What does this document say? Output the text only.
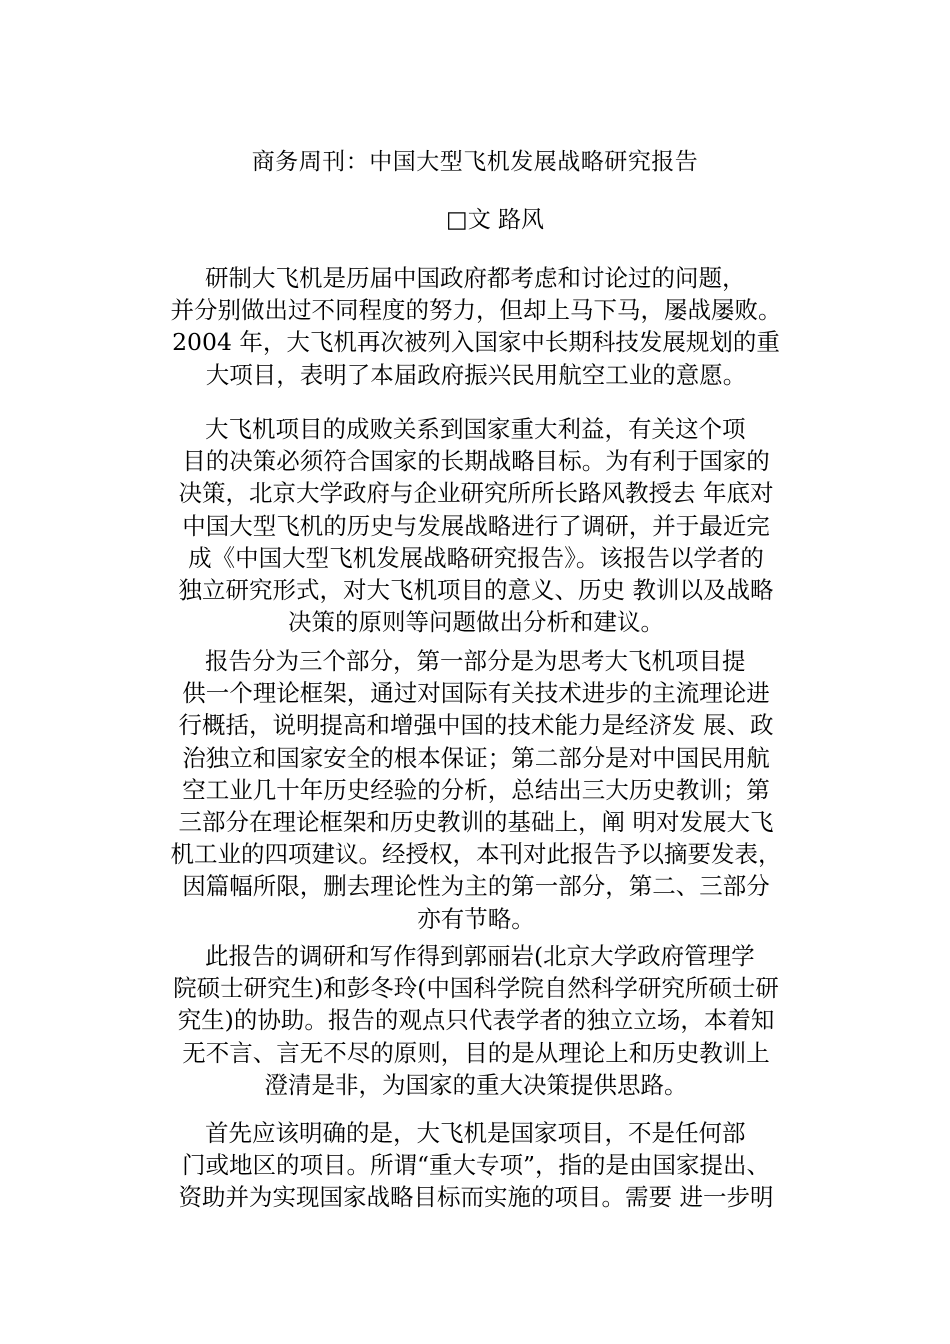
商务周刊：中国大型飞机发展战略研究报告
□文 路风
研制大飞机是历届中国政府都考虑和讨论过的问题，
并分别做出过不同程度的努力，但却上马下马，屡战屡败。
2004 年，大飞机再次被列入国家中长期科技发展规划的重
大项目，表明了本届政府振兴民用航空工业的意愿。
大飞机项目的成败关系到国家重大利益，有关这个项
目的决策必须符合国家的长期战略目标。为有利于国家的
决策，北京大学政府与企业研究所所长路风教授去 年底对
中国大型飞机的历史与发展战略进行了调研，并于最近完
成《中国大型飞机发展战略研究报告》。该报告以学者的
独立研究形式，对大飞机项目的意义、历史 教训以及战略
决策的原则等问题做出分析和建议。
报告分为三个部分，第一部分是为思考大飞机项目提
供一个理论框架，通过对国际有关技术进步的主流理论进
行概括，说明提高和增强中国的技术能力是经济发 展、政
治独立和国家安全的根本保证；第二部分是对中国民用航
空工业几十年历史经验的分析，总结出三大历史教训；第
三部分在理论框架和历史教训的基础上，阐 明对发展大飞
机工业的四项建议。经授权，本刊对此报告予以摘要发表，
因篇幅所限，删去理论性为主的第一部分，第二、三部分
亦有节略。
此报告的调研和写作得到郭丽岩(北京大学政府管理学
院硕士研究生)和彭冬玲(中国科学院自然科学研究所硕士研
究生)的协助。报告的观点只代表学者的独立立场，本着知
无不言、言无不尽的原则，目的是从理论上和历史教训上
澄清是非，为国家的重大决策提供思路。
首先应该明确的是，大飞机是国家项目，不是任何部
门或地区的项目。所谓“重大专项”，指的是由国家提出、
资助并为实现国家战略目标而实施的项目。需要 进一步明
